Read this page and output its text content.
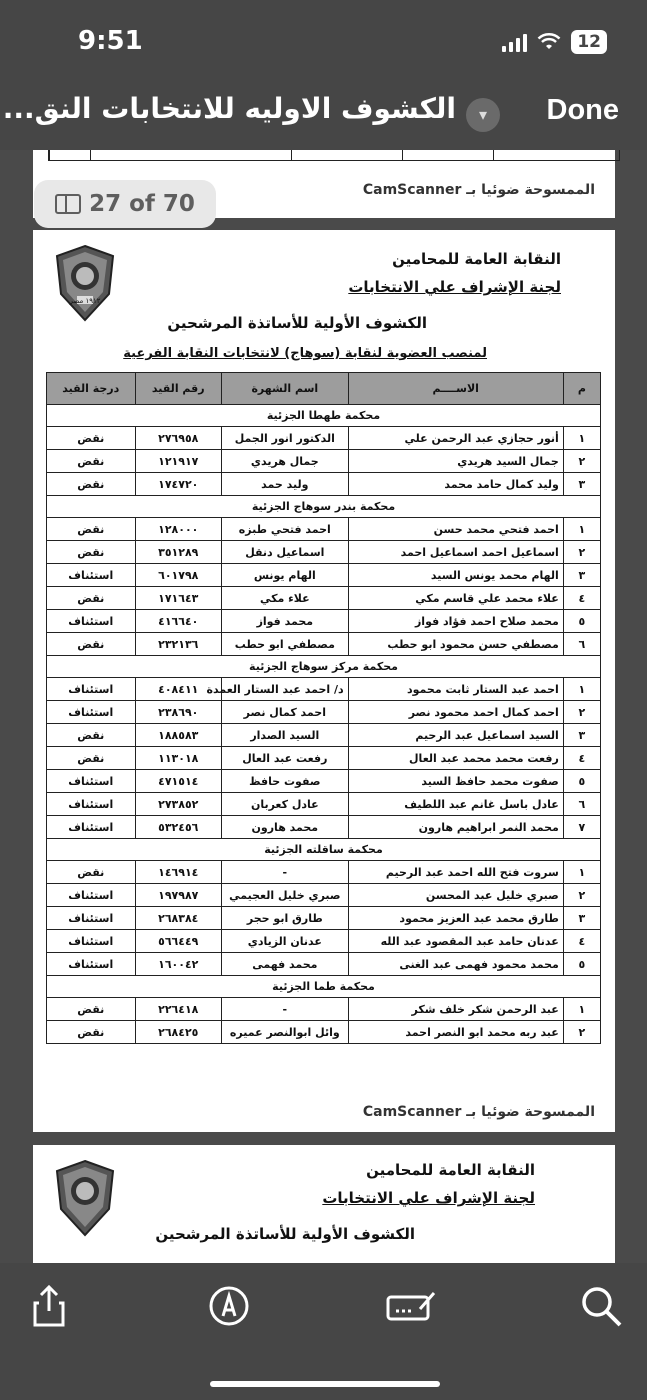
9:51	12
الكشوف الاوليه للانتخابات النق...	▾	Done
الممسوحة ضوئيا بـ CamScanner
27 of 70
١٩١٢ مصر
النقابة العامة للمحامين
لجنة الإشراف علي الانتخابات
الكشوف الأولية للأساتذة المرشحين
لمنصب العضوية لنقابة (سوهاج) لانتخابات النقابة الفرعية
م	الاســــم	اسم الشهرة	رقم القيد	درجة القيد
محكمة طهطا الجزئية				
١	أنور حجازي عبد الرحمن علي	الدكتور انور الجمل	٢٧٦٩٥٨	نقض
٢	جمال السيد هريدي	جمال هريدي	١٢١٩١٧	نقض
٣	وليد كمال حامد محمد	وليد حمد	١٧٤٧٢٠	نقض
محكمة بندر سوهاج الجزئية				
١	احمد فتحي محمد حسن	احمد فتحي طبزه	١٢٨٠٠٠	نقض
٢	اسماعيل احمد اسماعيل احمد	اسماعيل دنقل	٣٥١٢٨٩	نقض
٣	الهام محمد يونس السيد	الهام يونس	٦٠١٧٩٨	استئناف
٤	علاء محمد علي قاسم مكي	علاء مكي	١٧١٦٤٣	نقض
٥	محمد صلاح احمد فؤاد فواز	محمد فواز	٤١٦٦٤٠	استئناف
٦	مصطفي حسن محمود ابو حطب	مصطفي ابو حطب	٢٣٢١٣٦	نقض
محكمة مركز سوهاج الجزئية				
١	احمد عبد الستار ثابت محمود	د/ احمد عبد الستار العمدة	٤٠٨٤١١	استئناف
٢	احمد كمال احمد محمود نصر	احمد كمال نصر	٢٣٨٦٩٠	استئناف
٣	السيد اسماعيل عبد الرحيم	السيد الصدار	١٨٨٥٨٣	نقض
٤	رفعت محمد محمد عبد العال	رفعت عبد العال	١١٣٠١٨	نقض
٥	صفوت محمد حافظ السيد	صفوت حافظ	٤٧١٥١٤	استئناف
٦	عادل باسل غانم عبد اللطيف	عادل كعربان	٢٧٣٨٥٢	استئناف
٧	محمد النمر ابراهيم هارون	محمد هارون	٥٣٢٤٥٦	استئناف
محكمة ساقلته الجزئية				
١	سروت فتح الله احمد عبد الرحيم	-	١٤٦٩١٤	نقض
٢	صبري خليل عبد المحسن	صبري خليل العجيمي	١٩٧٩٨٧	استئناف
٣	طارق محمد عبد العزيز محمود	طارق ابو حجر	٢٦٨٣٨٤	استئناف
٤	عدنان حامد عبد المقصود عبد الله	عدنان الزيادي	٥٦٦٤٤٩	استئناف
٥	محمد محمود فهمى عبد الغنى	محمد فهمى	١٦٠٠٤٢	استئناف
محكمة طما الجزئية				
١	عبد الرحمن شكر خلف شكر	-	٢٢٦٤١٨	نقض
٢	عبد ربه محمد ابو النصر احمد	وائل ابوالنصر عميره	٢٦٨٤٢٥	نقض
الممسوحة ضوئيا بـ CamScanner
النقابة العامة للمحامين
لجنة الإشراف علي الانتخابات
الكشوف الأولية للأساتذة المرشحين
